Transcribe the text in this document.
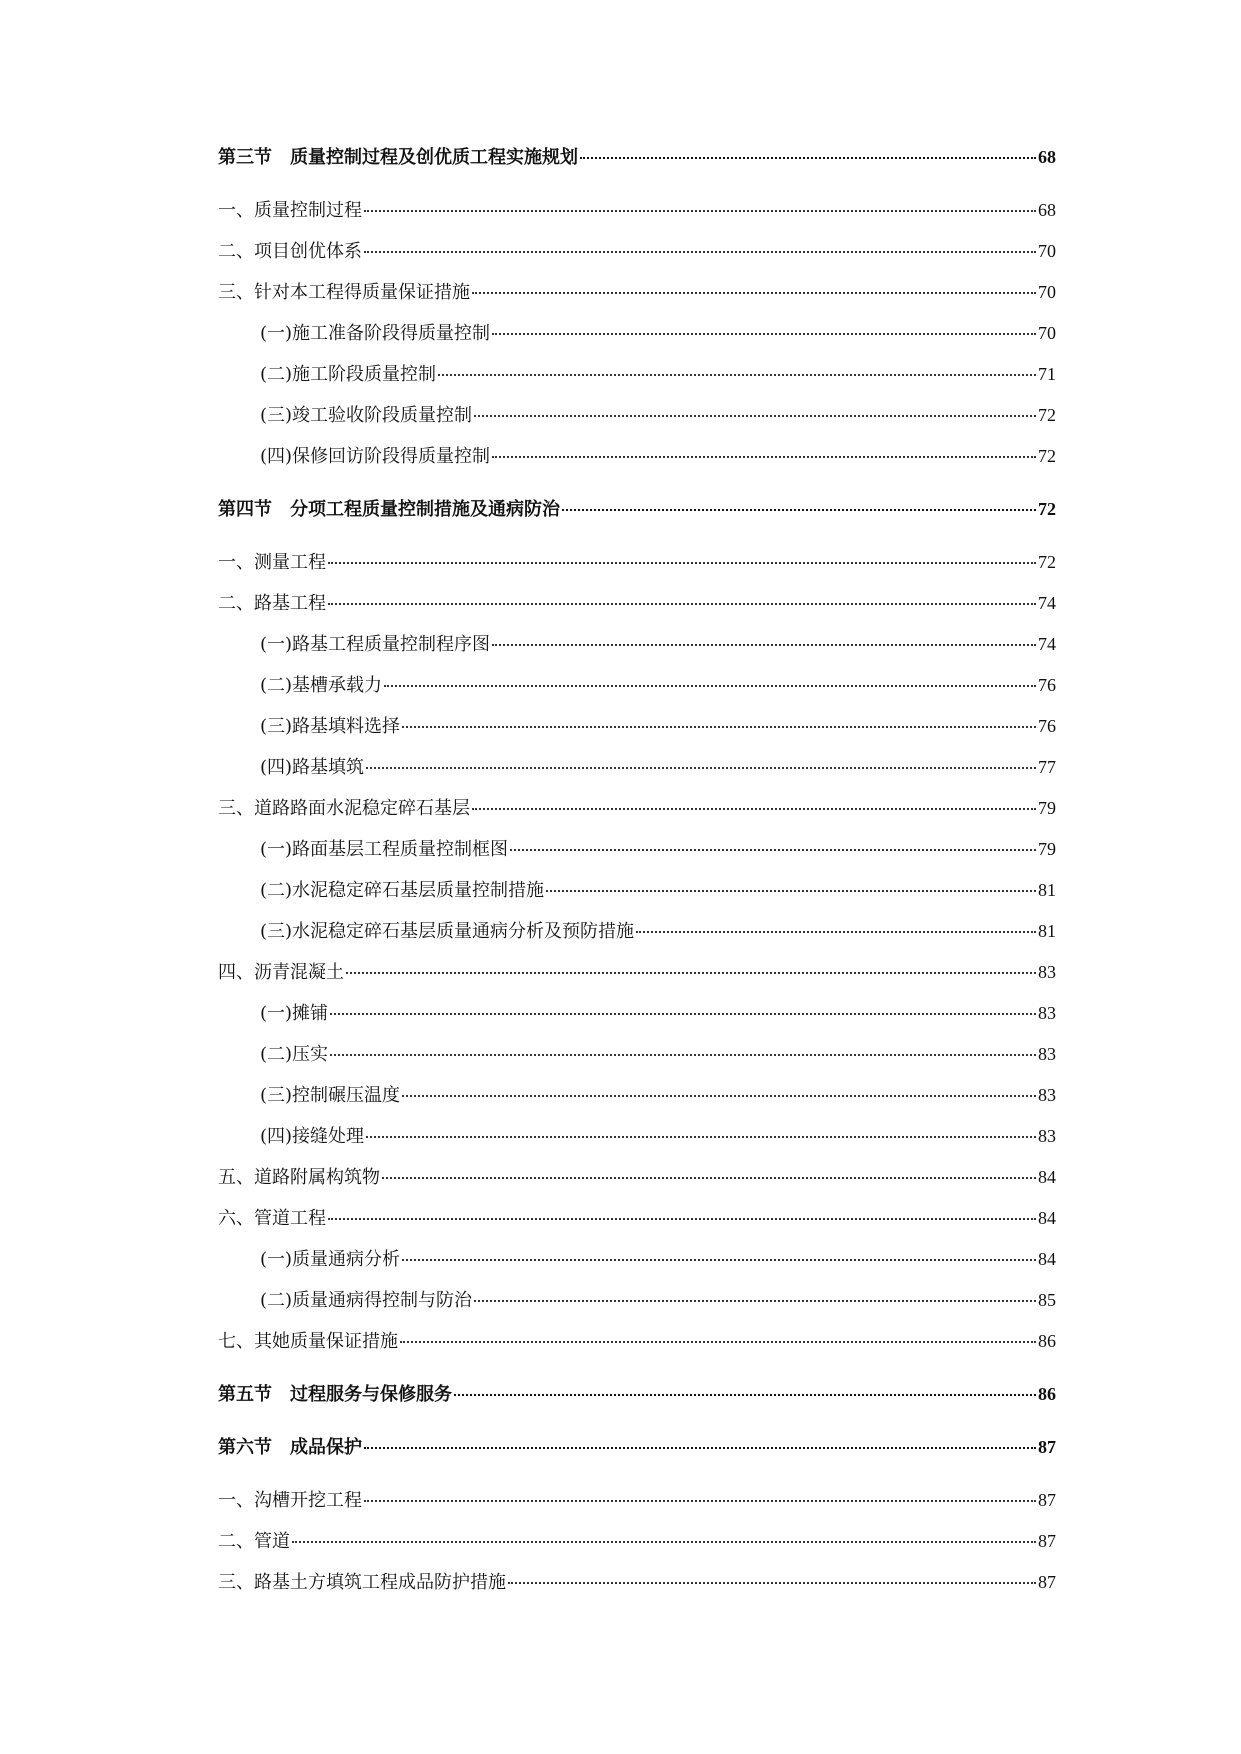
第三节 质量控制过程及创优质工程实施规划	68
一、质量控制过程	68
二、项目创优体系	70
三、针对本工程得质量保证措施	70
(一)施工准备阶段得质量控制	70
(二)施工阶段质量控制	71
(三)竣工验收阶段质量控制	72
(四)保修回访阶段得质量控制	72
第四节 分项工程质量控制措施及通病防治	72
一、测量工程	72
二、路基工程	74
(一)路基工程质量控制程序图	74
(二)基槽承载力	76
(三)路基填料选择	76
(四)路基填筑	77
三、道路路面水泥稳定碎石基层	79
(一)路面基层工程质量控制框图	79
(二)水泥稳定碎石基层质量控制措施	81
(三)水泥稳定碎石基层质量通病分析及预防措施	81
四、沥青混凝土	83
(一)摊铺	83
(二)压实	83
(三)控制碾压温度	83
(四)接缝处理	83
五、道路附属构筑物	84
六、管道工程	84
(一)质量通病分析	84
(二)质量通病得控制与防治	85
七、其她质量保证措施	86
第五节 过程服务与保修服务	86
第六节 成品保护	87
一、沟槽开挖工程	87
二、管道	87
三、路基土方填筑工程成品防护措施	87
